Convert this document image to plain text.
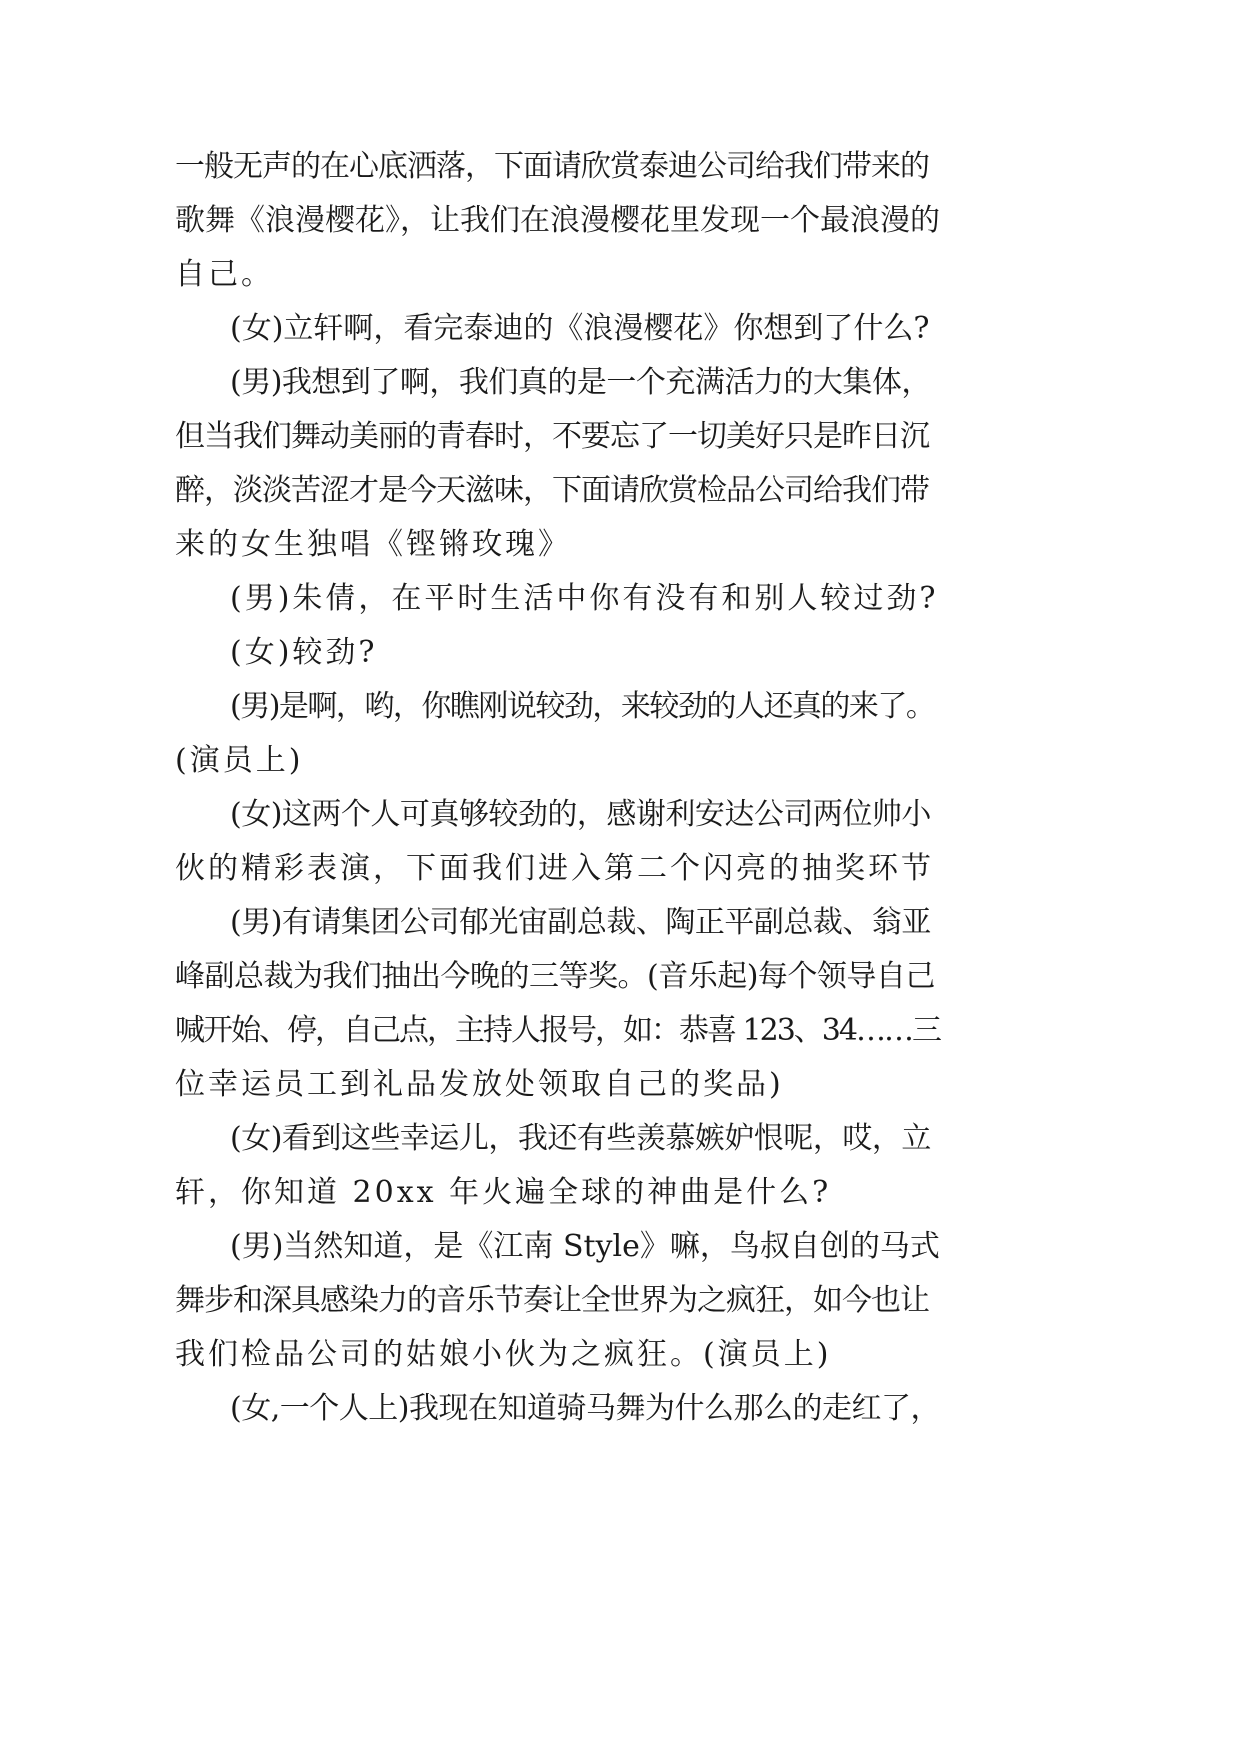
一般无声的在心底洒落，下面请欣赏泰迪公司给我们带来的
歌舞《浪漫樱花》，让我们在浪漫樱花里发现一个最浪漫的
自己。
(女)立轩啊，看完泰迪的《浪漫樱花》你想到了什么?
(男)我想到了啊，我们真的是一个充满活力的大集体，
但当我们舞动美丽的青春时，不要忘了一切美好只是昨日沉
醉，淡淡苦涩才是今天滋味，下面请欣赏检品公司给我们带
来的女生独唱《铿锵玫瑰》
(男)朱倩，在平时生活中你有没有和别人较过劲?
(女)较劲?
(男)是啊，哟，你瞧刚说较劲，来较劲的人还真的来了。
(演员上)
(女)这两个人可真够较劲的，感谢利安达公司两位帅小
伙的精彩表演，下面我们进入第二个闪亮的抽奖环节
(男)有请集团公司郁光宙副总裁、陶正平副总裁、翁亚
峰副总裁为我们抽出今晚的三等奖。(音乐起)每个领导自己
喊开始、停，自己点，主持人报号，如：恭喜 123、34……三
位幸运员工到礼品发放处领取自己的奖品)
(女)看到这些幸运儿，我还有些羡慕嫉妒恨呢，哎，立
轩，你知道 20xx 年火遍全球的神曲是什么?
(男)当然知道，是《江南 Style》嘛，鸟叔自创的马式
舞步和深具感染力的音乐节奏让全世界为之疯狂，如今也让
我们检品公司的姑娘小伙为之疯狂。(演员上)
(女,一个人上)我现在知道骑马舞为什么那么的走红了，
